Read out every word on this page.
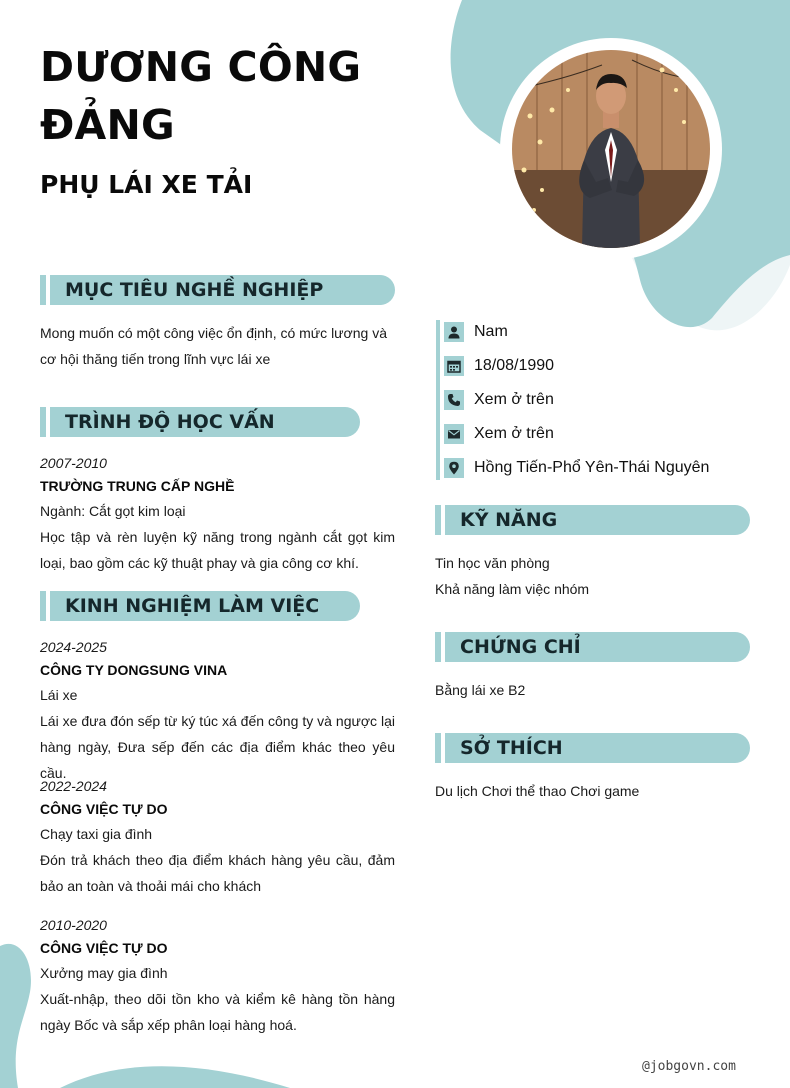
DƯƠNG CÔNG ĐẢNG
PHỤ LÁI XE TẢI
MỤC TIÊU NGHỀ NGHIỆP
Mong muốn có một công việc ổn định, có mức lương và cơ hội thăng tiến trong lĩnh vực lái xe
TRÌNH ĐỘ HỌC VẤN
2007-2010
TRƯỜNG TRUNG CẤP NGHỀ
Ngành: Cắt gọt kim loại
Học tập và rèn luyện kỹ năng trong ngành cắt gọt kim loại, bao gồm các kỹ thuật phay và gia công cơ khí.
KINH NGHIỆM LÀM VIỆC
2024-2025
CÔNG TY DONGSUNG VINA
Lái xe
Lái xe đưa đón sếp từ ký túc xá đến công ty và ngược lại hàng ngày, Đưa sếp đến các địa điểm khác theo yêu cầu.
2022-2024
CÔNG VIỆC TỰ DO
Chạy taxi gia đình
Đón trả khách theo địa điểm khách hàng yêu cầu, đảm bảo an toàn và thoải mái cho khách
2010-2020
CÔNG VIỆC TỰ DO
Xưởng may gia đình
Xuất-nhập, theo dõi tồn kho và kiểm kê hàng tồn hàng ngày Bốc và sắp xếp phân loại hàng hoá.
Nam
18/08/1990
Xem ở trên
Xem ở trên
Hồng Tiến-Phổ Yên-Thái Nguyên
KỸ NĂNG
Tin học văn phòng
Khả năng làm việc nhóm
CHỨNG CHỈ
Bằng lái xe B2
SỞ THÍCH
Du lịch Chơi thể thao Chơi game
@jobgovn.com
